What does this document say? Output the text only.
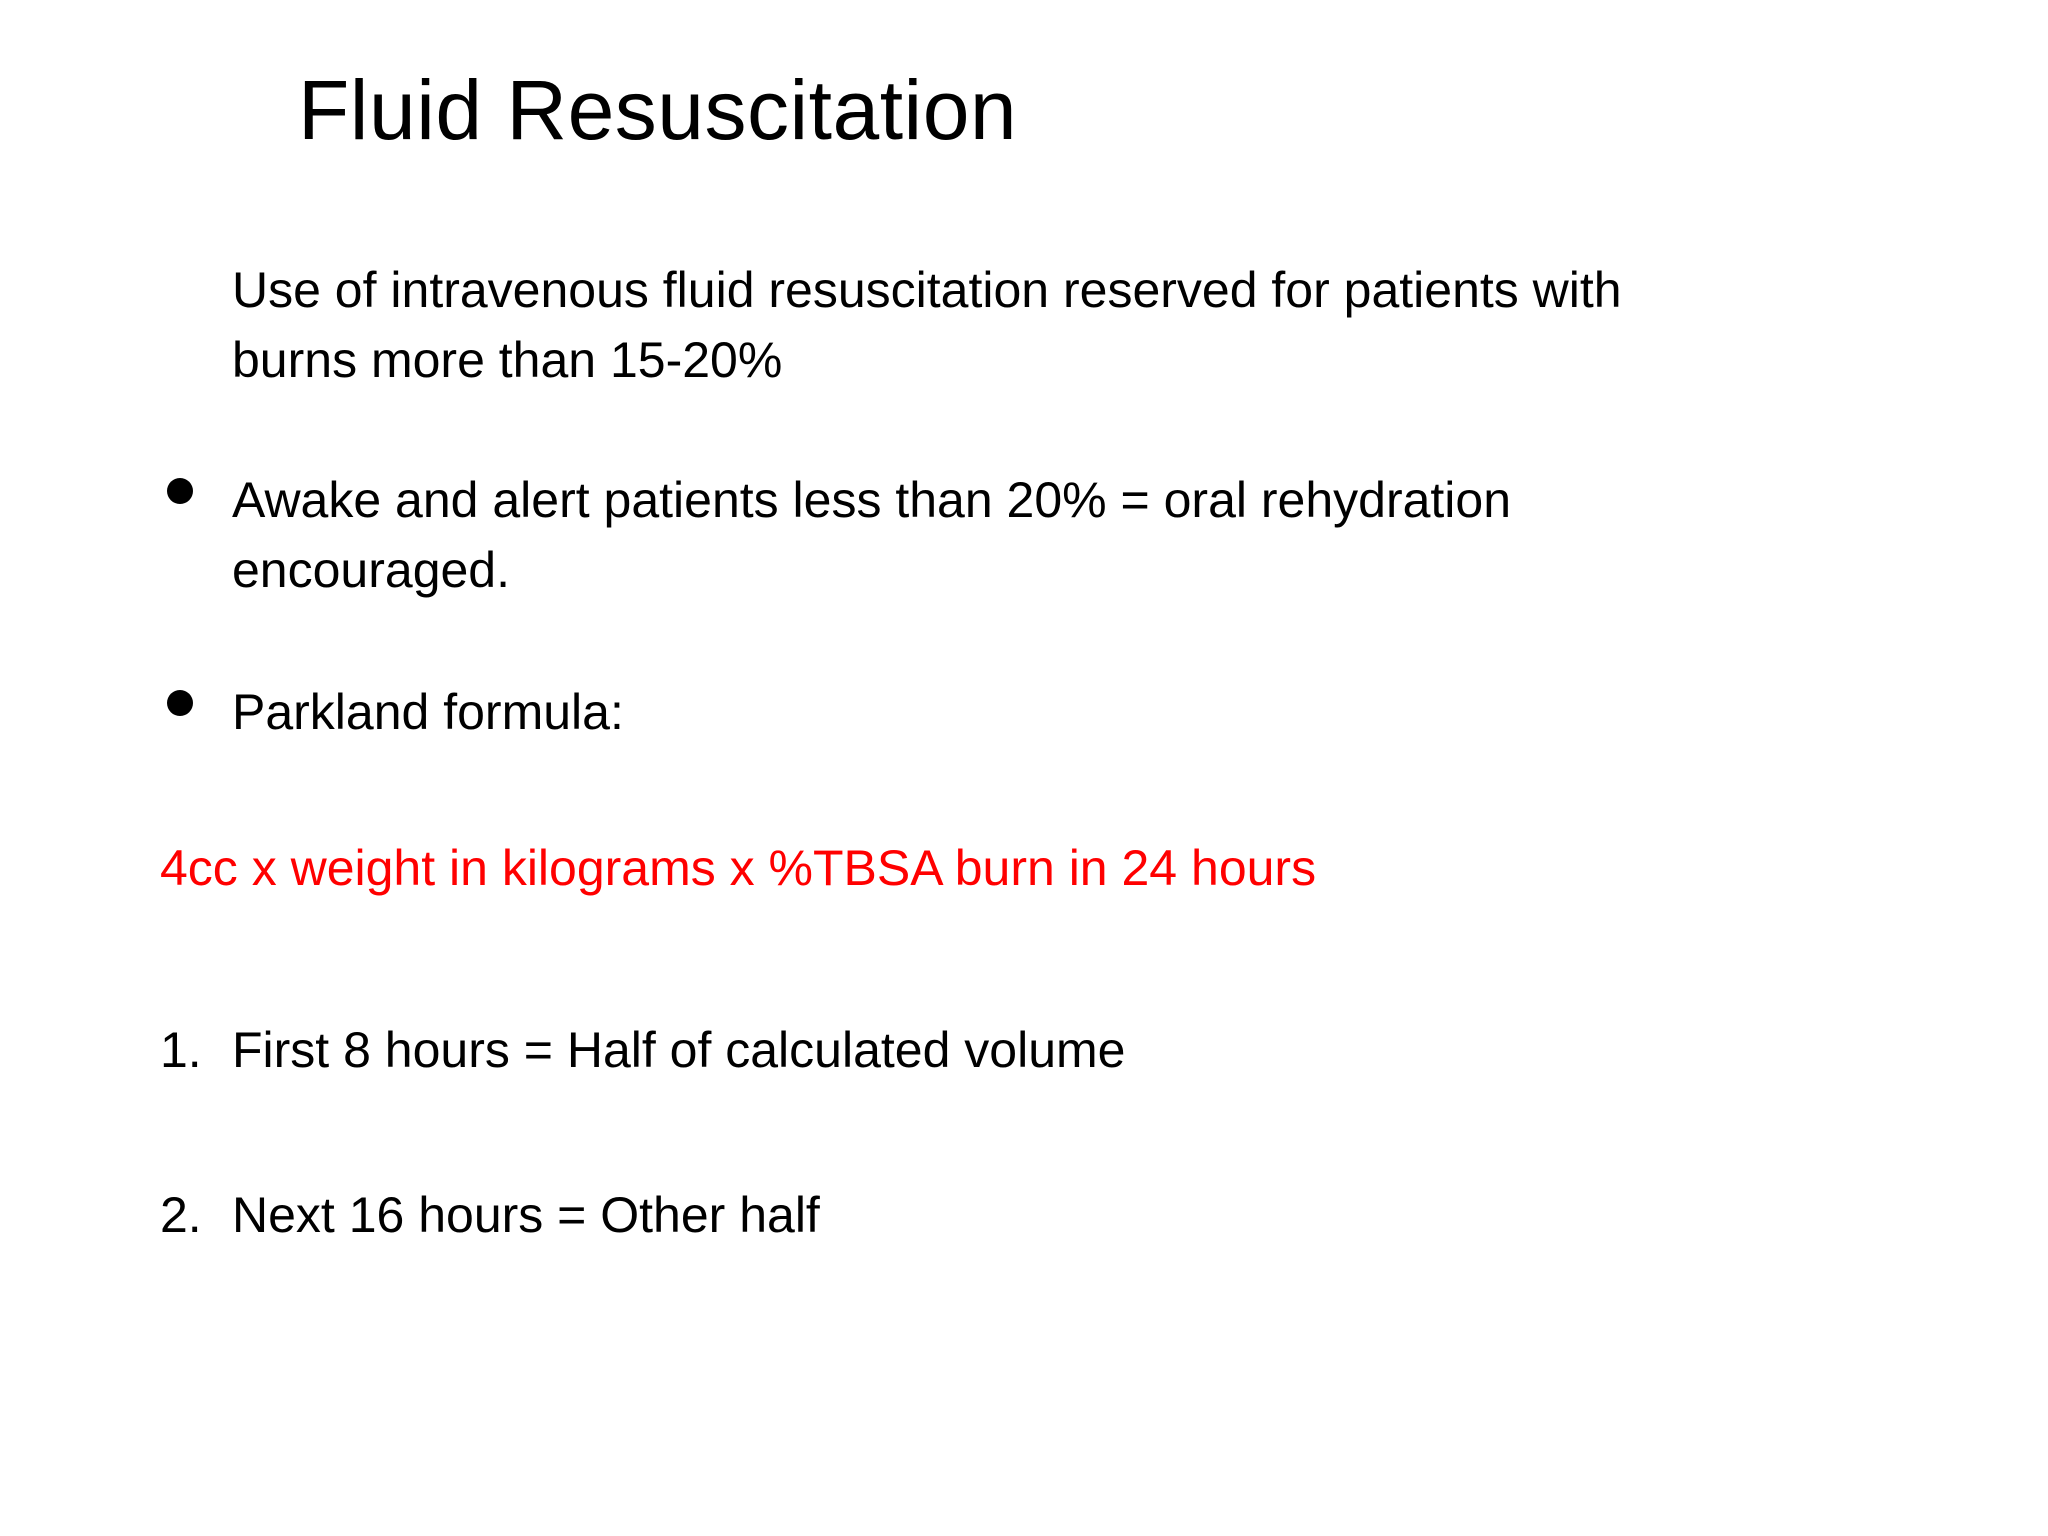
Fluid Resuscitation
Use of intravenous fluid resuscitation reserved for patients with
burns more than 15-20%
Awake and alert patients less than 20% = oral rehydration
encouraged.
Parkland formula:
4cc x weight in kilograms x %TBSA burn in 24 hours
1. First 8 hours = Half of calculated volume
2. Next 16 hours = Other half
